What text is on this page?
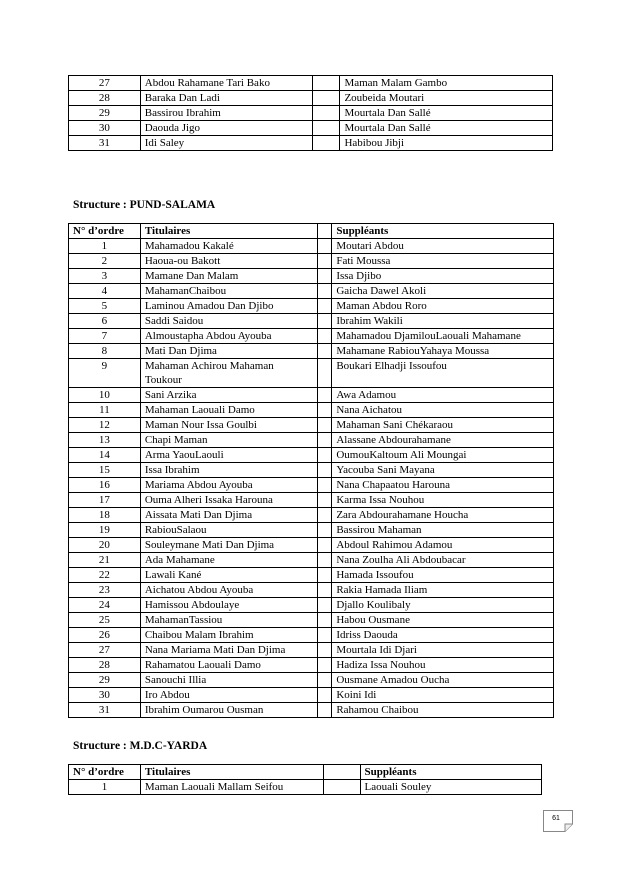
27	Abdou Rahamane Tari Bako		Maman Malam Gambo
28	Baraka Dan Ladi		Zoubeida Moutari
29	Bassirou Ibrahim		Mourtala Dan Sallé
30	Daouda Jigo		Mourtala Dan Sallé
31	Idi Saley		Habibou Jibji
Structure : PUND-SALAMA
N° d’ordre	Titulaires		Suppléants
1	Mahamadou Kakalé		Moutari Abdou
2	Haoua-ou Bakott		Fati Moussa
3	Mamane Dan Malam		Issa Djibo
4	MahamanChaibou		Gaicha Dawel Akoli
5	Laminou Amadou Dan Djibo		Maman Abdou Roro
6	Saddi Saidou		Ibrahim Wakili
7	Almoustapha Abdou Ayouba		Mahamadou DjamilouLaouali Mahamane
8	Mati Dan Djima		Mahamane RabiouYahaya Moussa
9	Mahaman Achirou Mahaman Toukour		Boukari Elhadji Issoufou
10	Sani Arzika		Awa Adamou
11	Mahaman Laouali Damo		Nana Aichatou
12	Maman Nour Issa Goulbi		Mahaman Sani Chékaraou
13	Chapi Maman		Alassane Abdourahamane
14	Arma YaouLaouli		OumouKaltoum Ali Moungai
15	Issa Ibrahim		Yacouba Sani Mayana
16	Mariama Abdou Ayouba		Nana Chapaatou Harouna
17	Ouma Alheri Issaka Harouna		Karma Issa Nouhou
18	Aissata Mati Dan Djima		Zara Abdourahamane Houcha
19	RabiouSalaou		Bassirou Mahaman
20	Souleymane Mati Dan Djima		Abdoul Rahimou Adamou
21	Ada Mahamane		Nana Zoulha Ali Abdoubacar
22	Lawali Kané		Hamada Issoufou
23	Aichatou Abdou Ayouba		Rakia Hamada Iliam
24	Hamissou Abdoulaye		Djallo Koulibaly
25	MahamanTassiou		Habou Ousmane
26	Chaibou Malam Ibrahim		Idriss Daouda
27	Nana Mariama Mati Dan Djima		Mourtala Idi Djari
28	Rahamatou Laouali Damo		Hadiza Issa Nouhou
29	Sanouchi Illia		Ousmane Amadou Oucha
30	Iro Abdou		Koini Idi
31	Ibrahim Oumarou Ousman		Rahamou Chaibou
Structure : M.D.C-YARDA
N° d’ordre	Titulaires		Suppléants
1	Maman Laouali Mallam Seifou		Laouali Souley
61
